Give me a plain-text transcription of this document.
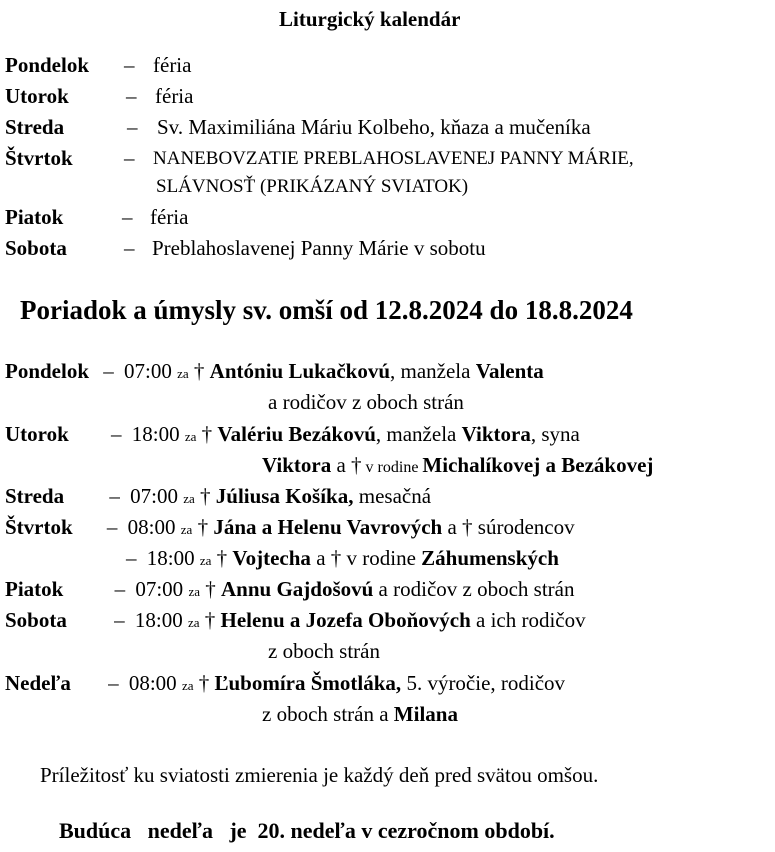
Liturgický kalendár
Pondelok – féria
Utorok	– féria
Streda	– Sv. Maximiliána Máriu Kolbeho, kňaza a mučeníka
Štvrtok – NANEBOVZATIE PREBLAHOSLAVENEJ PANNY MÁRIE,
SLÁVNOSŤ (PRIKÁZANÝ SVIATOK)
Piatok	– féria
Sobota	– Preblahoslavenej Panny Márie v sobotu
Poriadok a úmysly sv. omší od 12.8.2024 do 18.8.2024
Pondelok – 07:00 za † Antóniu Lukačkovú, manžela Valenta
a rodičov z oboch strán
Utorok – 18:00 za † Valériu Bezákovú, manžela Viktora, syna
Viktora a † v rodine Michalíkovej a Bezákovej
Streda – 07:00 za † Júliusa Košíka, mesačná
Štvrtok – 08:00 za † Jána a Helenu Vavrových a † súrodencov
– 18:00 za † Vojtecha a † v rodine Záhumenských
Piatok – 07:00 za † Annu Gajdošovú a rodičov z oboch strán
Sobota – 18:00 za † Helenu a Jozefa Oboňových a ich rodičov
z oboch strán
Nedeľa – 08:00 za † Ľubomíra Šmotláka, 5. výročie, rodičov
z oboch strán a Milana
Príležitosť ku sviatosti zmierenia je každý deň pred svätou omšou.
Budúca   nedeľa   je  20. nedeľa v cezročnom období.
